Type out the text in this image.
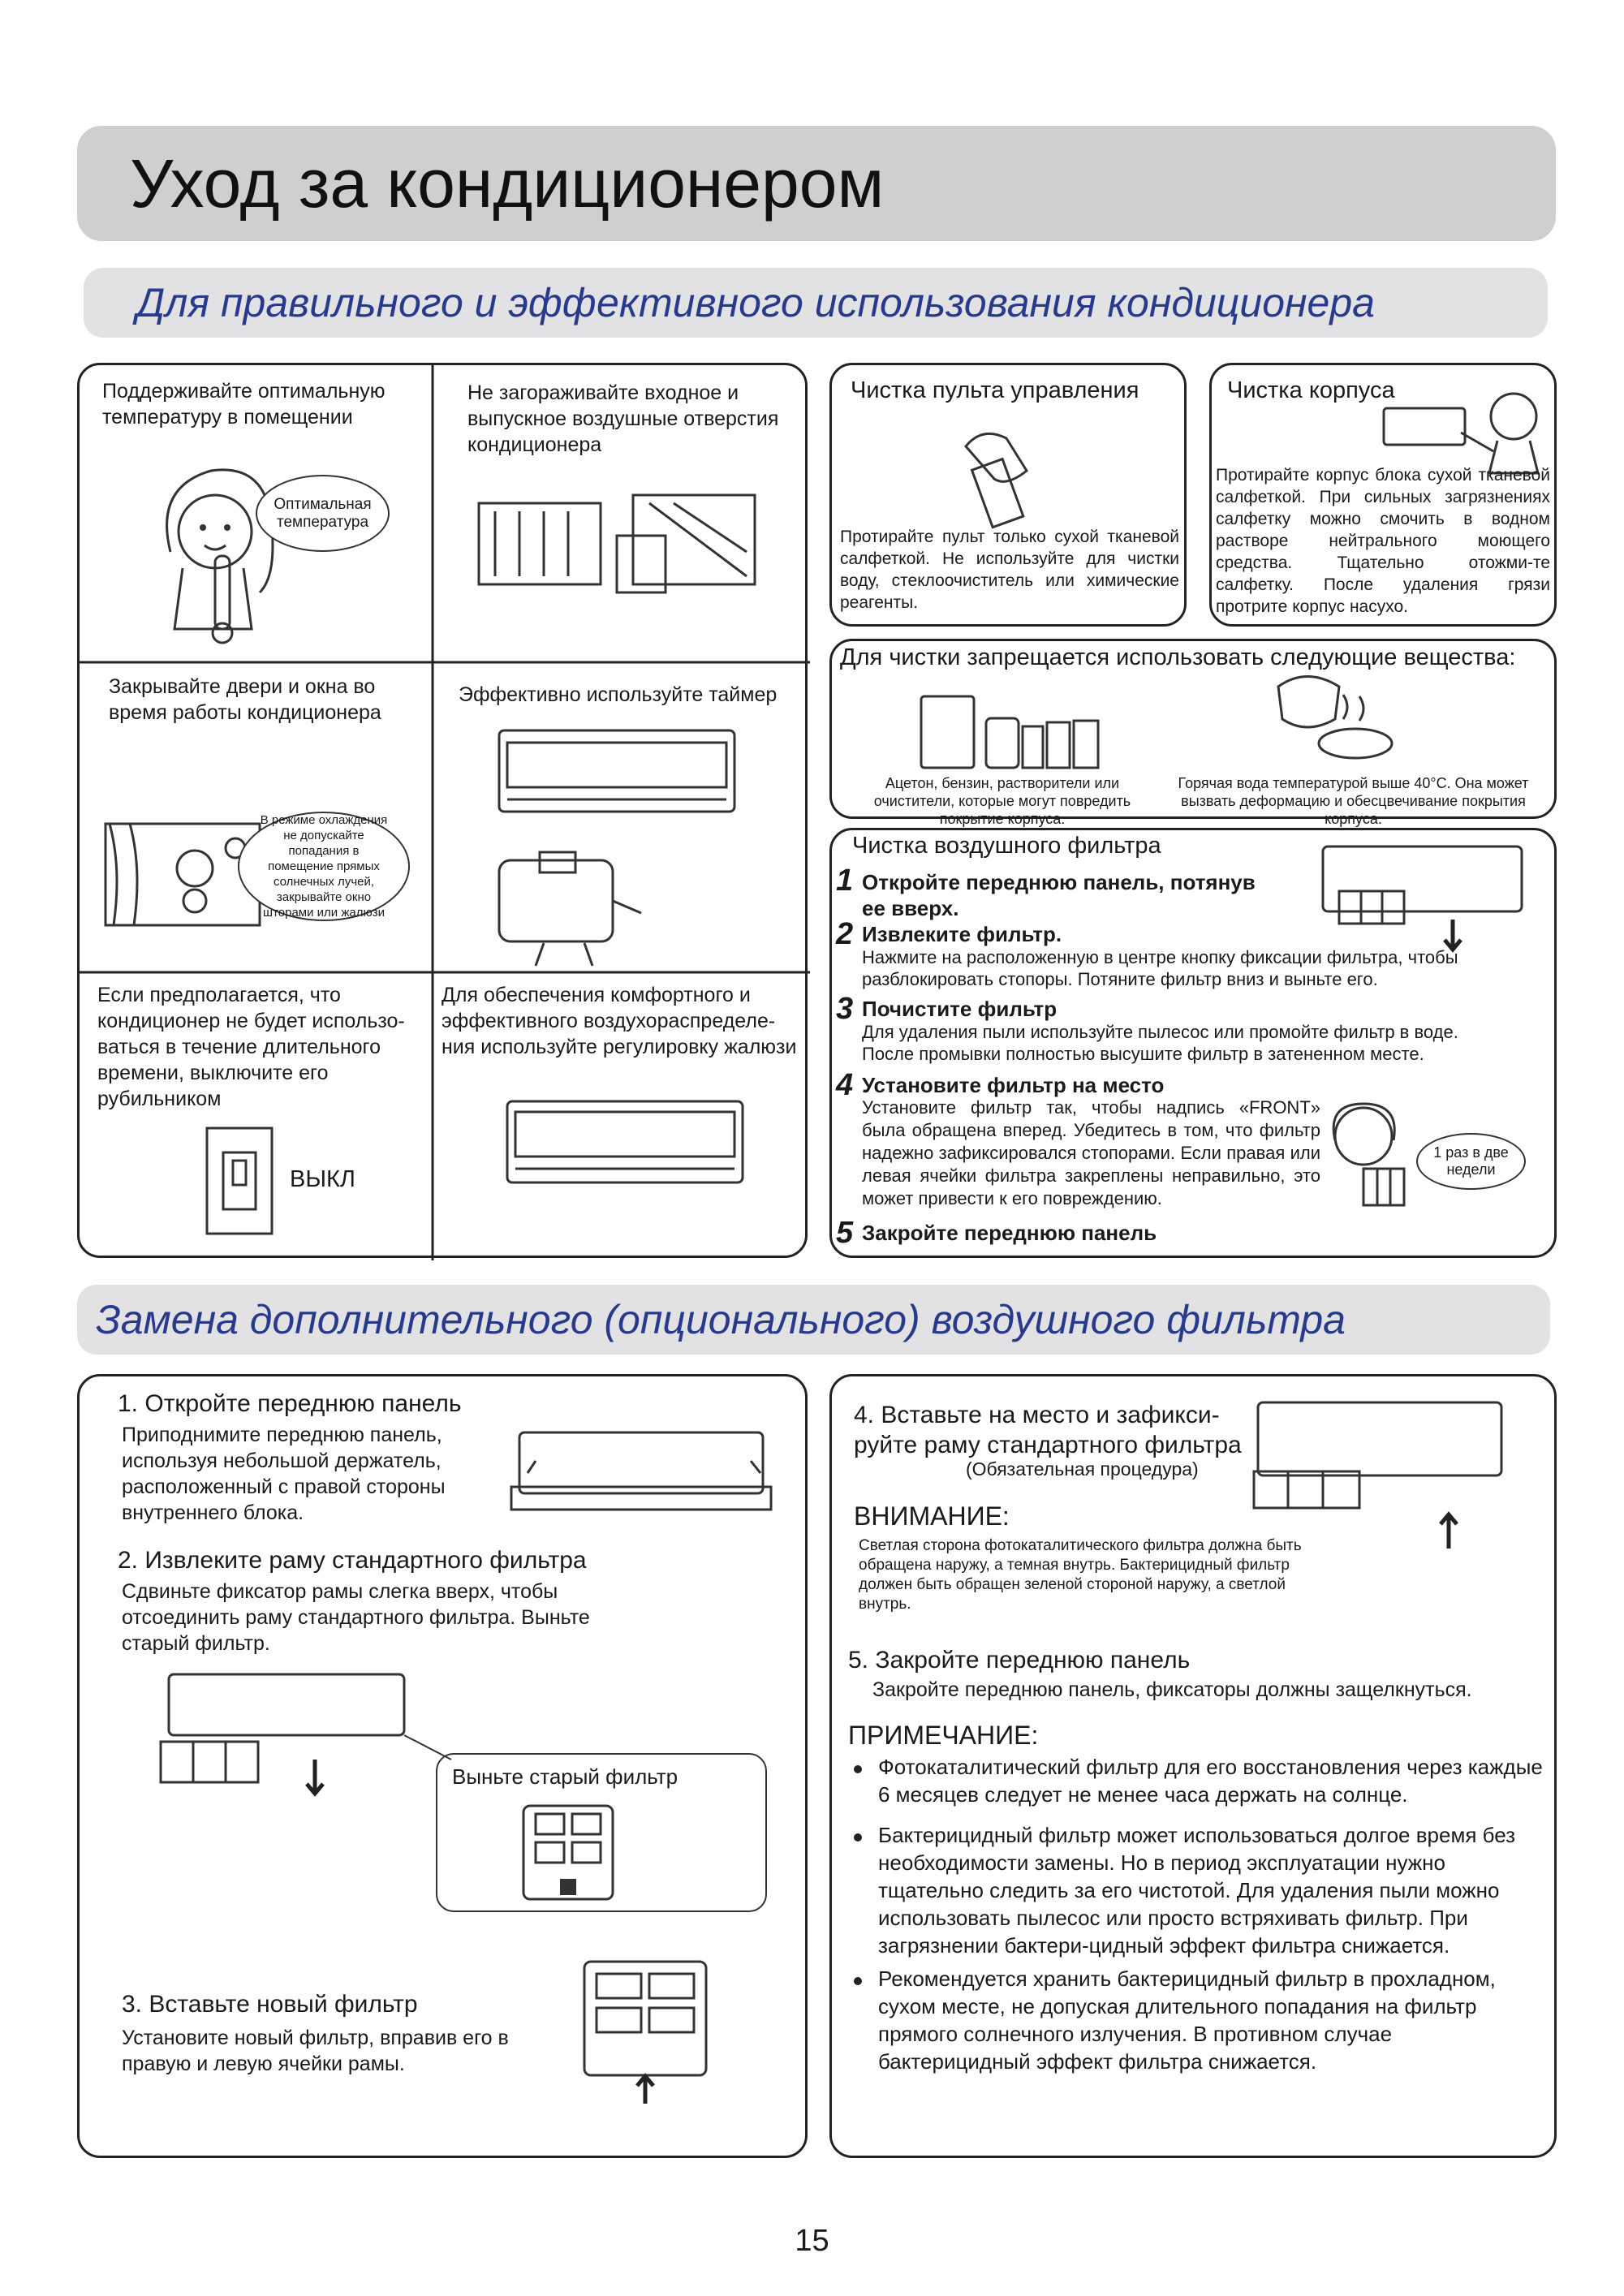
Уход за кондиционером
Для правильного и эффективного использования кондиционера
Поддерживайте оптимальную температуру в помещении
Оптимальная температура
Не загораживайте входное и выпускное воздушные отверстия кондиционера
Закрывайте двери и окна во время работы кондиционера
В режиме охлаждения не допускайте попадания в помещение прямых солнечных лучей, закрывайте окно шторами или жалюзи
Эффективно используйте таймер
Если предполагается, что кондиционер не будет использо-ваться в течение длительного времени, выключите его рубильником
ВЫКЛ
Для обеспечения комфортного и эффективного воздухораспределе-ния используйте регулировку жалюзи
Чистка пульта управления
Протирайте пульт только сухой тканевой салфеткой. Не используйте для чистки воду, стеклоочиститель или химические реагенты.
Чистка корпуса
Протирайте корпус блока сухой тканевой салфеткой. При сильных загрязнениях салфетку можно смочить в водном растворе нейтрального моющего средства. Тщательно отожми-те салфетку. После удаления грязи протрите корпус насухо.
Для чистки запрещается использовать следующие вещества:
Ацетон, бензин, растворители или очистители, которые могут повредить покрытие корпуса.
Горячая вода температурой выше 40°С. Она может вызвать деформацию и обесцвечивание покрытия корпуса.
Чистка воздушного фильтра
1 Откройте переднюю панель, потянув ее вверх.
2 Извлеките фильтр.
Нажмите на расположенную в центре кнопку фиксации фильтра, чтобы разблокировать стопоры. Потяните фильтр вниз и выньте его.
3 Почистите фильтр
Для удаления пыли используйте пылесос или промойте фильтр в воде. После промывки полностью высушите фильтр в затененном месте.
4 Установите фильтр на место
Установите фильтр так, чтобы надпись «FRONT» была обращена вперед. Убедитесь в том, что фильтр надежно зафиксировался стопорами. Если правая или левая ячейки фильтра закреплены неправильно, это может привести к его повреждению.
5 Закройте переднюю панель
1 раз в две недели
Замена дополнительного (опционального) воздушного фильтра
1. Откройте переднюю панель
Приподнимите переднюю панель, используя небольшой держатель, расположенный с правой стороны внутреннего блока.
2. Извлеките раму стандартного фильтра
Сдвиньте фиксатор рамы слегка вверх, чтобы отсоединить раму стандартного фильтра. Выньте старый фильтр.
Выньте старый фильтр
3. Вставьте новый фильтр
Установите новый фильтр, вправив его в правую и левую ячейки рамы.
4. Вставьте на место и зафикси-руйте раму стандартного фильтра
(Обязательная процедура)
ВНИМАНИЕ:
Светлая сторона фотокаталитического фильтра должна быть обращена наружу, а темная внутрь. Бактерицидный фильтр должен быть обращен зеленой стороной наружу, а светлой внутрь.
5. Закройте переднюю панель
Закройте переднюю панель, фиксаторы должны защелкнуться.
ПРИМЕЧАНИЕ:
Фотокаталитический фильтр для его восстановления через каждые 6 месяцев следует не менее часа держать на солнце.
Бактерицидный фильтр может использоваться долгое время без необходимости замены. Но в период эксплуатации нужно тщательно следить за его чистотой. Для удаления пыли можно использовать пылесос или просто встряхивать фильтр. При загрязнении бактери-цидный эффект фильтра снижается.
Рекомендуется хранить бактерицидный фильтр в прохладном, сухом месте, не допуская длительного попадания на фильтр прямого солнечного излучения. В противном случае бактерицидный эффект фильтра снижается.
15
